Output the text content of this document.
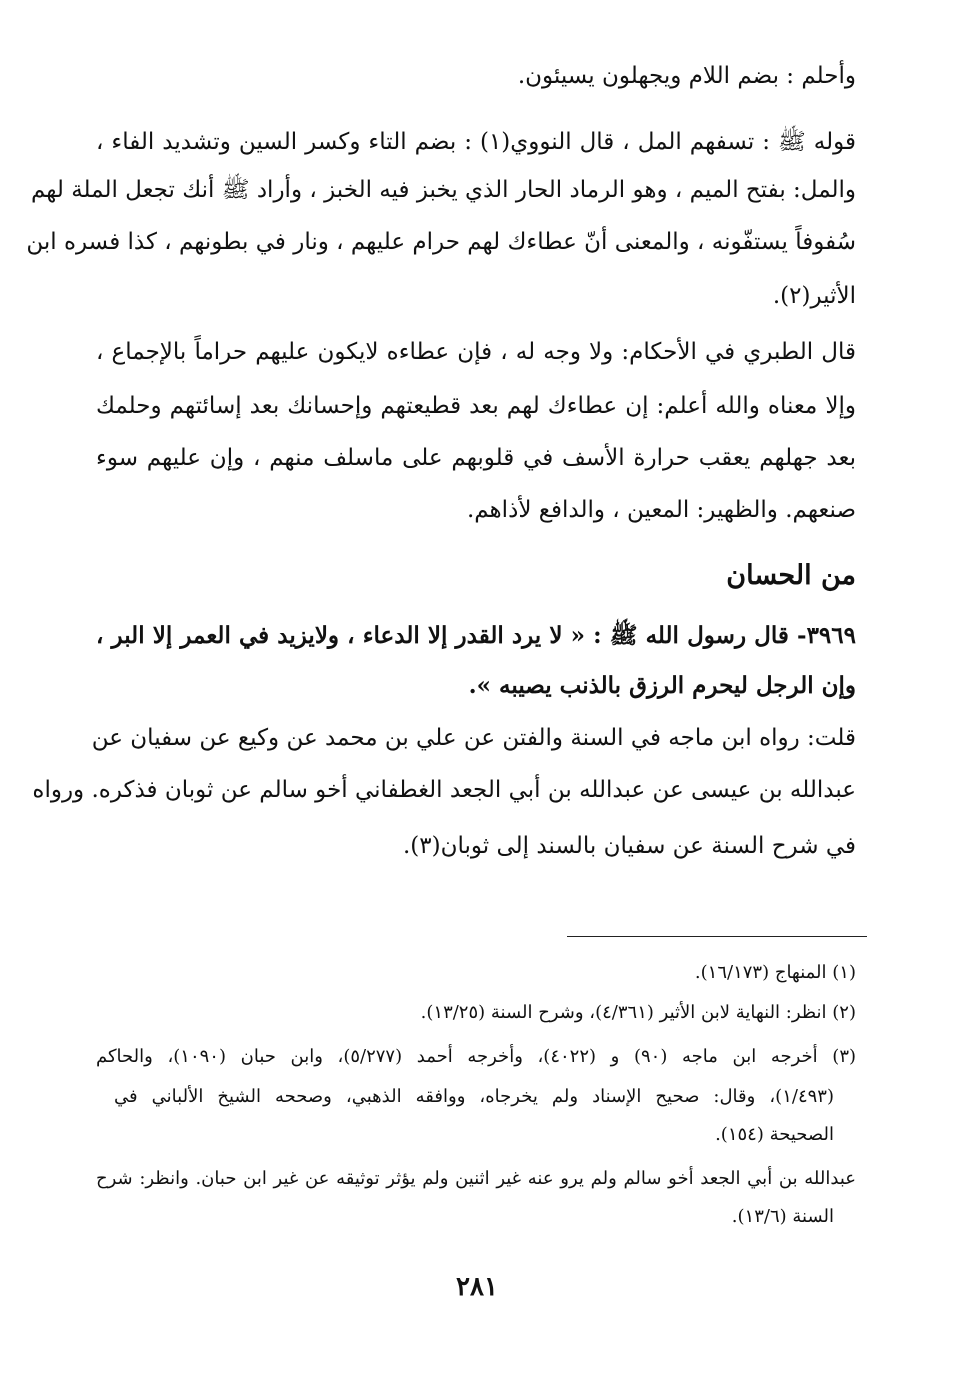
وأحلم : بضم اللام ويجهلون يسيئون.
قوله ﷺ : تسفهم المل ، قال النووي(١) : بضم التاء وكسر السين وتشديد الفاء ،
والمل: بفتح الميم ، وهو الرماد الحار الذي يخبز فيه الخبز ، وأراد ﷺ أنك تجعل الملة لهم
سُفوفاً يستفّونه ، والمعنى أنّ عطاءك لهم حرام عليهم ، ونار في بطونهم ، كذا فسره ابن
الأثير(٢).
قال الطبري في الأحكام: ولا وجه له ، فإن عطاءه لايكون عليهم حراماً بالإجماع ،
وإلا معناه والله أعلم: إن عطاءك لهم بعد قطيعتهم وإحسانك بعد إسائتهم وحلمك
بعد جهلهم يعقب حرارة الأسف في قلوبهم على ماسلف منهم ، وإن عليهم سوء
صنعهم. والظهير: المعين ، والدافع لأذاهم.
من الحسان
٣٩٦٩- قال رسول الله ﷺ : « لا يرد القدر إلا الدعاء ، ولايزيد في العمر إلا البر ،
وإن الرجل ليحرم الرزق بالذنب يصيبه ».
قلت: رواه ابن ماجه في السنة والفتن عن علي بن محمد عن وكيع عن سفيان عن
عبدالله بن عيسى عن عبدالله بن أبي الجعد الغطفاني أخو سالم عن ثوبان فذكره. ورواه
في شرح السنة عن سفيان بالسند إلى ثوبان(٣).
(١) المنهاج (١٦/١٧٣).
(٢) انظر: النهاية لابن الأثير (٤/٣٦١)، وشرح السنة (١٣/٢٥).
(٣) أخرجه ابن ماجه (٩٠) و (٤٠٢٢)، وأخرجه أحمد (٥/٢٧٧)، وابن حبان (١٠٩٠)، والحاكم
(١/٤٩٣)، وقال: صحيح الإسناد ولم يخرجاه، ووافقه الذهبي، وصححه الشيخ الألباني في
الصحيحة (١٥٤).
عبدالله بن أبي الجعد أخو سالم ولم يرو عنه غير اثنين ولم يؤثر توثيقه عن غير ابن حبان. وانظر: شرح
السنة (١٣/٦).
٢٨١
